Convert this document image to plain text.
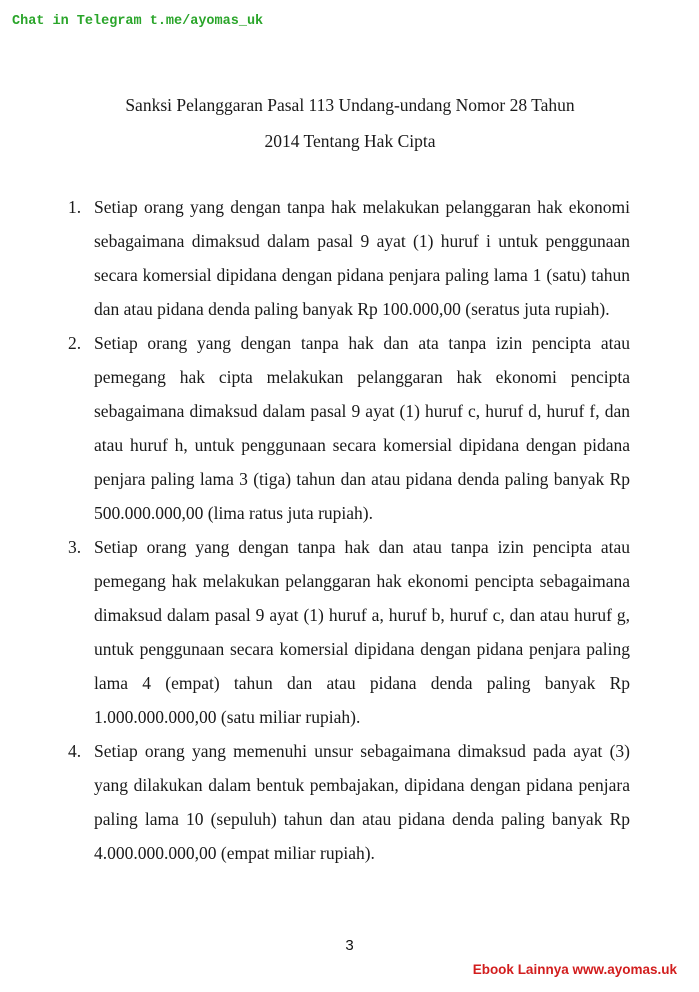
Chat in Telegram t.me/ayomas_uk
Sanksi Pelanggaran Pasal 113 Undang-undang Nomor 28 Tahun
2014 Tentang Hak Cipta
1. Setiap orang yang dengan tanpa hak melakukan pelanggaran hak ekonomi sebagaimana dimaksud dalam pasal 9 ayat (1) huruf i untuk penggunaan secara komersial dipidana dengan pidana penjara paling lama 1 (satu) tahun dan atau pidana denda paling banyak Rp 100.000,00 (seratus juta rupiah).
2. Setiap orang yang dengan tanpa hak dan ata tanpa izin pencipta atau pemegang hak cipta melakukan pelanggaran hak ekonomi pencipta sebagaimana dimaksud dalam pasal 9 ayat (1) huruf c, huruf d, huruf f, dan atau huruf h, untuk penggunaan secara komersial dipidana dengan pidana penjara paling lama 3 (tiga) tahun dan atau pidana denda paling banyak Rp 500.000.000,00 (lima ratus juta rupiah).
3. Setiap orang yang dengan tanpa hak dan atau tanpa izin pencipta atau pemegang hak melakukan pelanggaran hak ekonomi pencipta sebagaimana dimaksud dalam pasal 9 ayat (1) huruf a, huruf b, huruf c, dan atau huruf g, untuk penggunaan secara komersial dipidana dengan pidana penjara paling lama 4 (empat) tahun dan atau pidana denda paling banyak Rp 1.000.000.000,00 (satu miliar rupiah).
4. Setiap orang yang memenuhi unsur sebagaimana dimaksud pada ayat (3) yang dilakukan dalam bentuk pembajakan, dipidana dengan pidana penjara paling lama 10 (sepuluh) tahun dan atau pidana denda paling banyak Rp 4.000.000.000,00 (empat miliar rupiah).
3
Ebook Lainnya www.ayomas.uk
